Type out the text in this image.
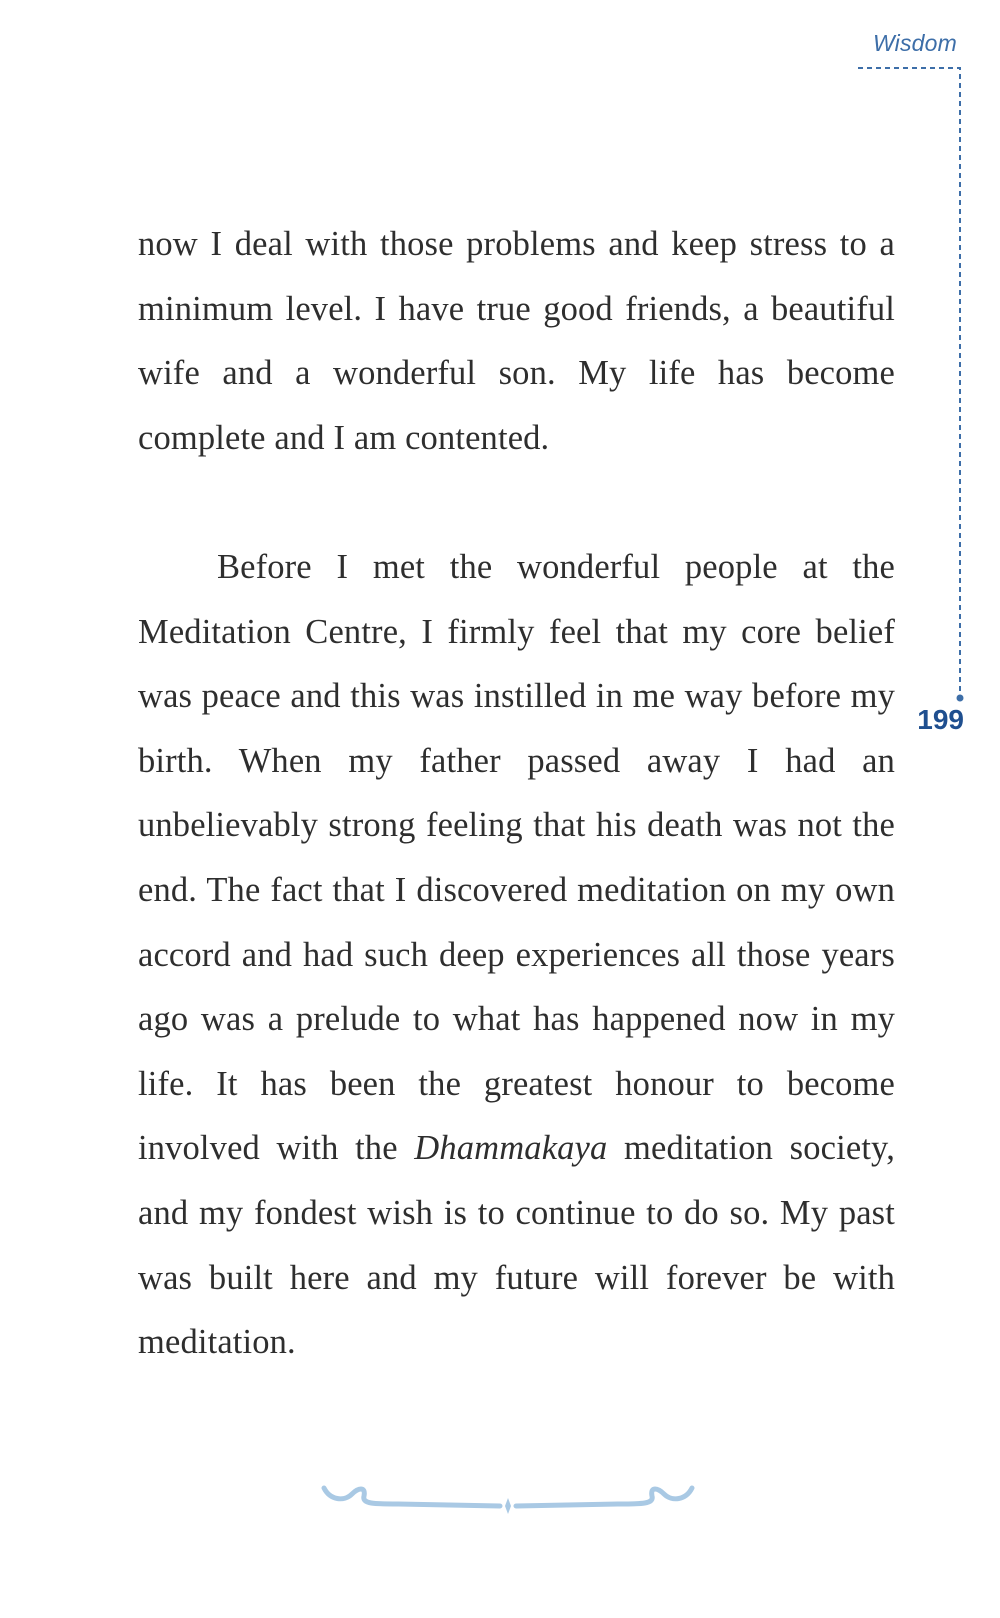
Wisdom
199

now I deal with those problems and keep stress to a minimum level. I have true good friends, a beautiful wife and a wonderful son. My life has become complete and I am contented.

Before I met the wonderful people at the Meditation Centre, I firmly feel that my core belief was peace and this was instilled in me way before my birth. When my father passed away I had an unbelievably strong feeling that his death was not the end. The fact that I discovered meditation on my own accord and had such deep experiences all those years ago was a prelude to what has happened now in my life. It has been the greatest honour to become involved with the Dhammakaya meditation society, and my fondest wish is to continue to do so. My past was built here and my future will forever be with meditation.
